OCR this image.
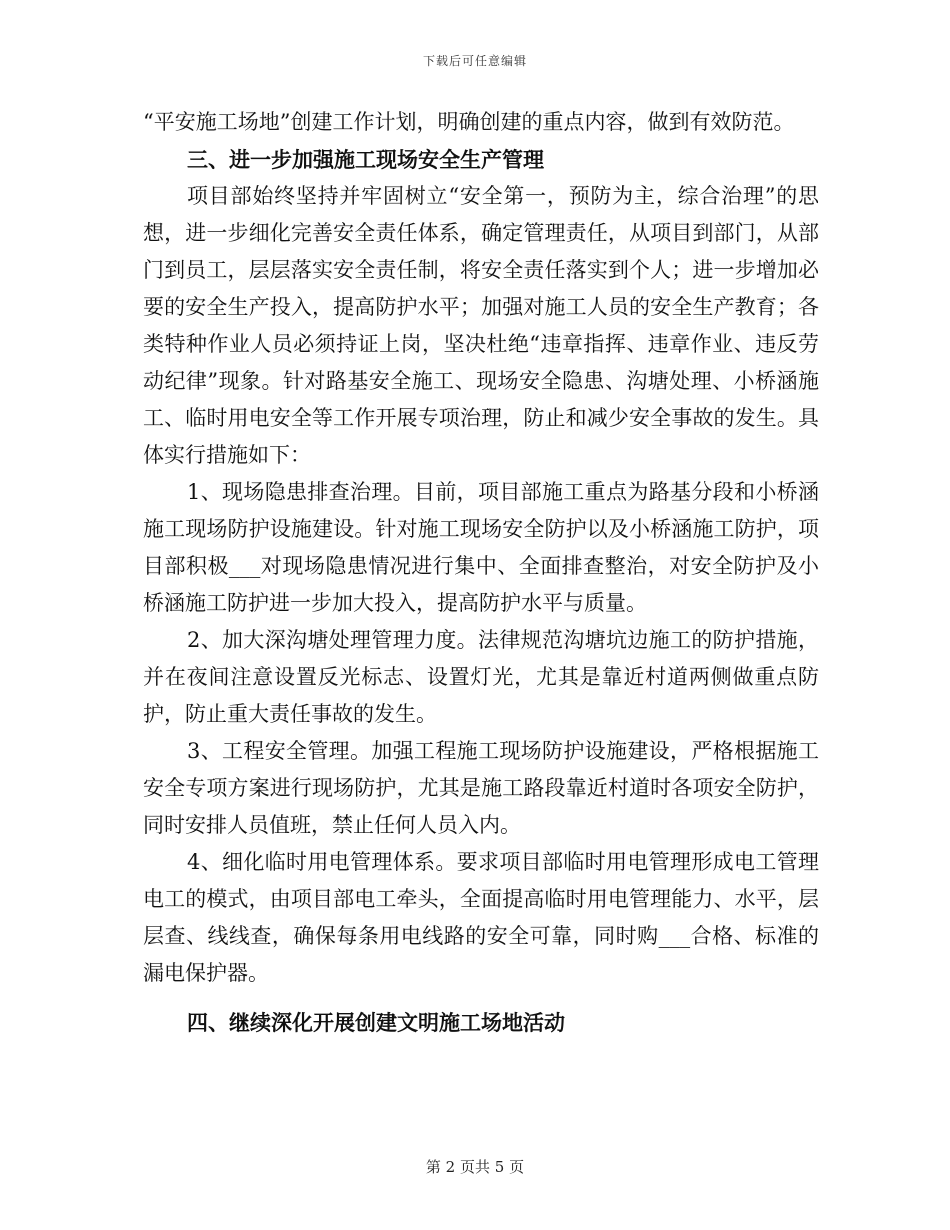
下载后可任意编辑

“平安施工场地”创建工作计划，明确创建的重点内容，做到有效防范。

三、进一步加强施工现场安全生产管理

项目部始终坚持并牢固树立“安全第一，预防为主，综合治理”的思想，进一步细化完善安全责任体系，确定管理责任，从项目到部门，从部门到员工，层层落实安全责任制，将安全责任落实到个人；进一步增加必要的安全生产投入，提高防护水平；加强对施工人员的安全生产教育；各类特种作业人员必须持证上岗，坚决杜绝“违章指挥、违章作业、违反劳动纪律”现象。针对路基安全施工、现场安全隐患、沟塘处理、小桥涵施工、临时用电安全等工作开展专项治理，防止和减少安全事故的发生。具体实行措施如下：

1、现场隐患排查治理。目前，项目部施工重点为路基分段和小桥涵施工现场防护设施建设。针对施工现场安全防护以及小桥涵施工防护，项目部积极___对现场隐患情况进行集中、全面排查整治，对安全防护及小桥涵施工防护进一步加大投入，提高防护水平与质量。

2、加大深沟塘处理管理力度。法律规范沟塘坑边施工的防护措施，并在夜间注意设置反光标志、设置灯光，尤其是靠近村道两侧做重点防护，防止重大责任事故的发生。

3、工程安全管理。加强工程施工现场防护设施建设，严格根据施工安全专项方案进行现场防护，尤其是施工路段靠近村道时各项安全防护，同时安排人员值班，禁止任何人员入内。

4、细化临时用电管理体系。要求项目部临时用电管理形成电工管理电工的模式，由项目部电工牵头，全面提高临时用电管理能力、水平，层层查、线线查，确保每条用电线路的安全可靠，同时购___合格、标准的漏电保护器。

四、继续深化开展创建文明施工场地活动

第 2 页共 5 页
